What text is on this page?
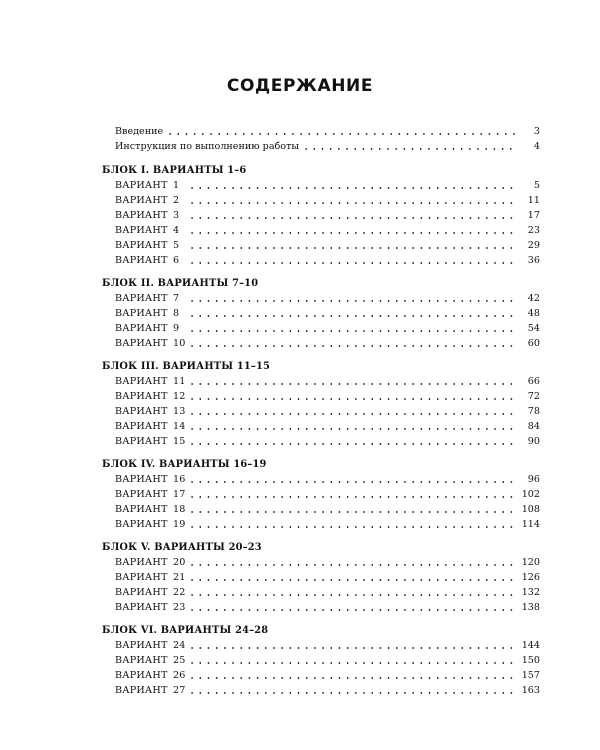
СОДЕРЖАНИЕ
Введение	3
Инструкция по выполнению работы	4
БЛОК I. ВАРИАНТЫ 1–6
ВАРИАНТ 1	5
ВАРИАНТ 2	11
ВАРИАНТ 3	17
ВАРИАНТ 4	23
ВАРИАНТ 5	29
ВАРИАНТ 6	36
БЛОК II. ВАРИАНТЫ 7–10
ВАРИАНТ 7	42
ВАРИАНТ 8	48
ВАРИАНТ 9	54
ВАРИАНТ 10	60
БЛОК III. ВАРИАНТЫ 11–15
ВАРИАНТ 11	66
ВАРИАНТ 12	72
ВАРИАНТ 13	78
ВАРИАНТ 14	84
ВАРИАНТ 15	90
БЛОК IV. ВАРИАНТЫ 16–19
ВАРИАНТ 16	96
ВАРИАНТ 17	102
ВАРИАНТ 18	108
ВАРИАНТ 19	114
БЛОК V. ВАРИАНТЫ 20–23
ВАРИАНТ 20	120
ВАРИАНТ 21	126
ВАРИАНТ 22	132
ВАРИАНТ 23	138
БЛОК VI. ВАРИАНТЫ 24–28
ВАРИАНТ 24	144
ВАРИАНТ 25	150
ВАРИАНТ 26	157
ВАРИАНТ 27	163
